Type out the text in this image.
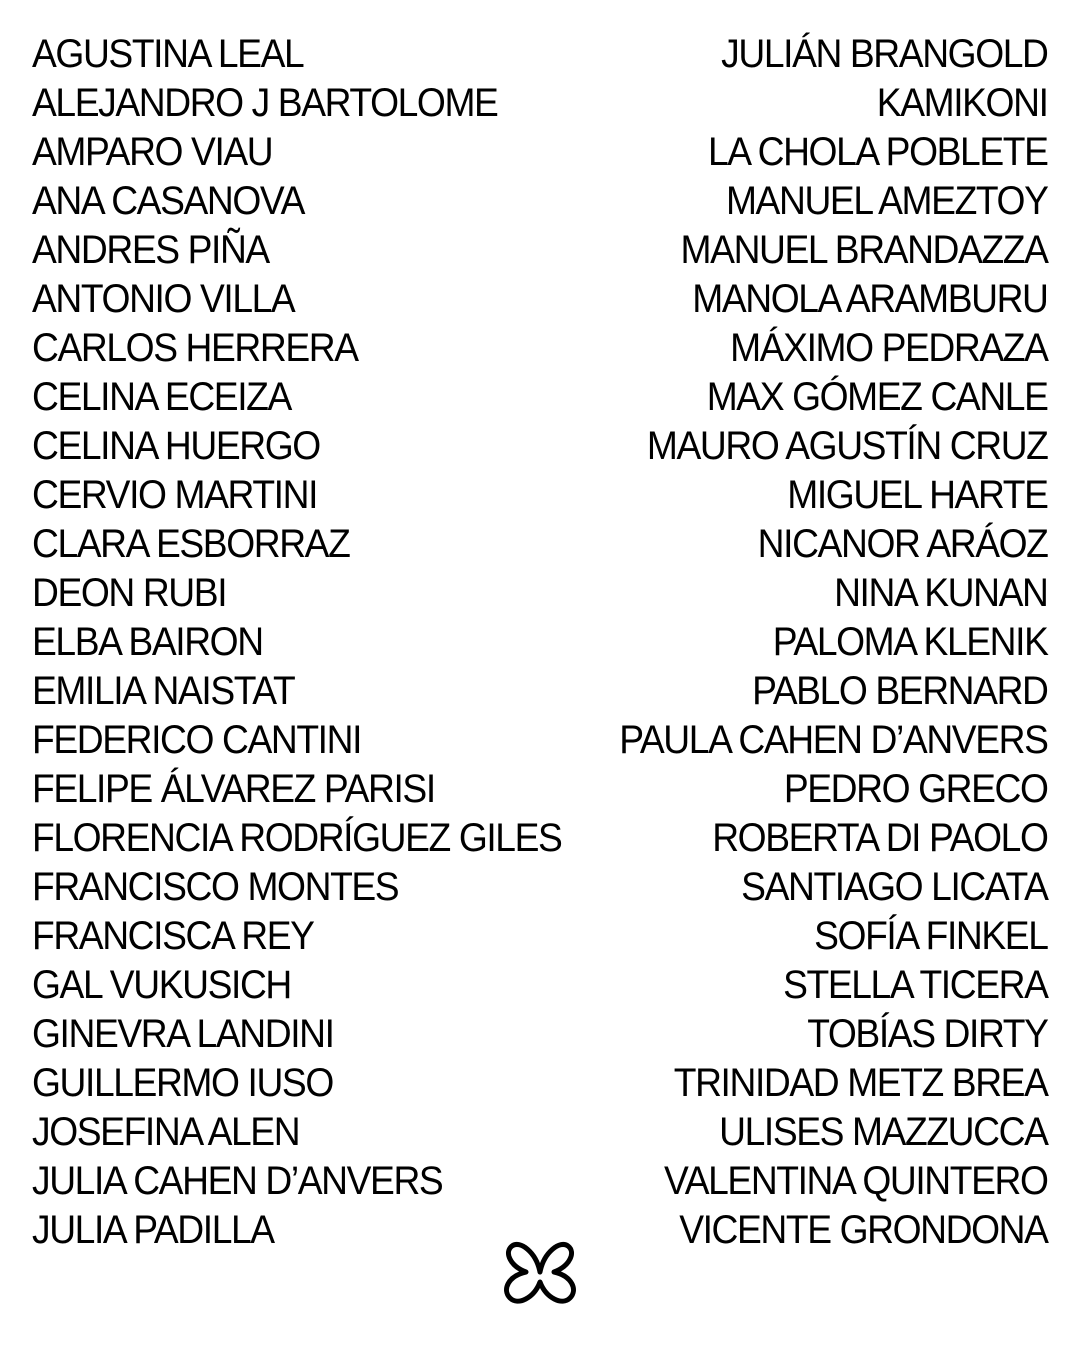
AGUSTINA LEAL
ALEJANDRO J BARTOLOME
AMPARO VIAU
ANA CASANOVA
ANDRES PIÑA
ANTONIO VILLA
CARLOS HERRERA
CELINA ECEIZA
CELINA HUERGO
CERVIO MARTINI
CLARA ESBORRAZ
DEON RUBI
ELBA BAIRON
EMILIA NAISTAT
FEDERICO CANTINI
FELIPE ÁLVAREZ PARISI
FLORENCIA RODRÍGUEZ GILES
FRANCISCO MONTES
FRANCISCA REY
GAL VUKUSICH
GINEVRA LANDINI
GUILLERMO IUSO
JOSEFINA ALEN
JULIA CAHEN D’ANVERS
JULIA PADILLA
JULIÁN BRANGOLD
KAMIKONI
LA CHOLA POBLETE
MANUEL AMEZTOY
MANUEL BRANDAZZA
MANOLA ARAMBURU
MÁXIMO PEDRAZA
MAX GÓMEZ CANLE
MAURO AGUSTÍN CRUZ
MIGUEL HARTE
NICANOR ARÁOZ
NINA KUNAN
PALOMA KLENIK
PABLO BERNARD
PAULA CAHEN D’ANVERS
PEDRO GRECO
ROBERTA DI PAOLO
SANTIAGO LICATA
SOFÍA FINKEL
STELLA TICERA
TOBÍAS DIRTY
TRINIDAD METZ BREA
ULISES MAZZUCCA
VALENTINA QUINTERO
VICENTE GRONDONA
